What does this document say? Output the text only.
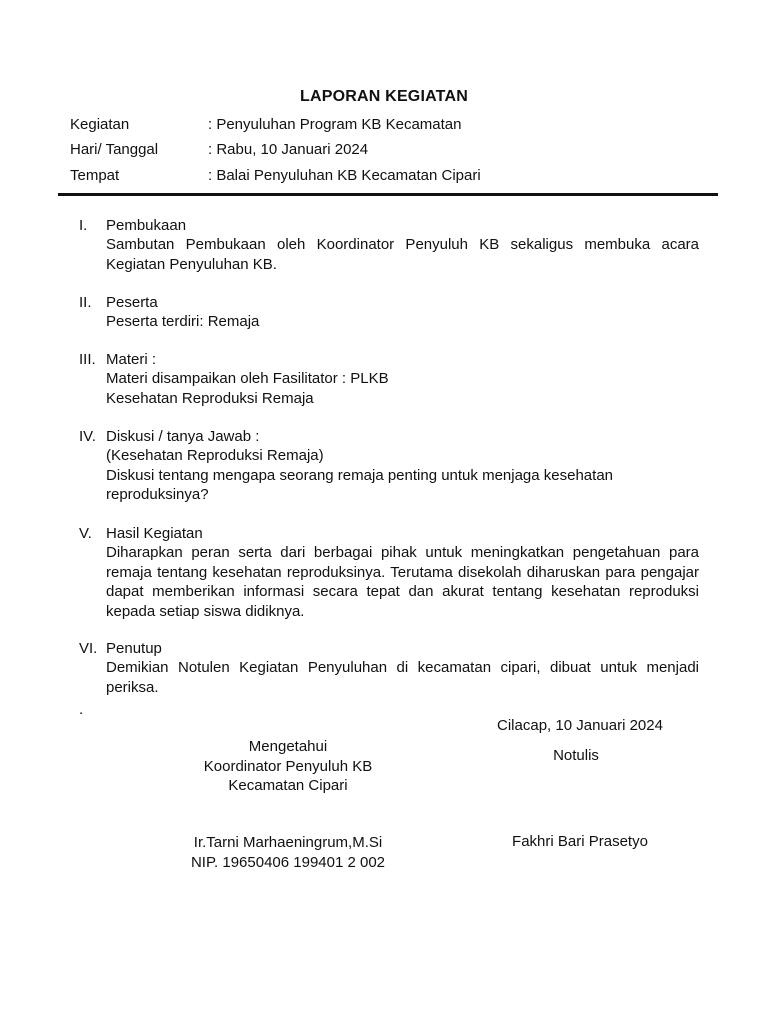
LAPORAN KEGIATAN
Kegiatan	: Penyuluhan Program KB Kecamatan
Hari/ Tanggal	: Rabu, 10 Januari 2024
Tempat	: Balai Penyuluhan KB Kecamatan Cipari
I. Pembukaan
Sambutan Pembukaan oleh Koordinator Penyuluh KB sekaligus membuka acara Kegiatan Penyuluhan KB.
II. Peserta
Peserta terdiri: Remaja
III. Materi :
Materi disampaikan oleh Fasilitator : PLKB
Kesehatan Reproduksi Remaja
IV. Diskusi / tanya Jawab :
(Kesehatan Reproduksi Remaja)
Diskusi tentang mengapa seorang remaja penting untuk menjaga kesehatan reproduksinya?
V. Hasil Kegiatan
Diharapkan peran serta dari berbagai pihak untuk meningkatkan pengetahuan para remaja tentang kesehatan reproduksinya. Terutama disekolah diharuskan para pengajar dapat memberikan informasi secara tepat dan akurat tentang kesehatan reproduksi kepada setiap siswa didiknya.
VI. Penutup
Demikian Notulen Kegiatan Penyuluhan di kecamatan cipari, dibuat untuk menjadi periksa.
.
Cilacap, 10 Januari 2024
Notulis
Fakhri Bari Prasetyo
Mengetahui
Koordinator Penyuluh KB
Kecamatan Cipari
Ir.Tarni Marhaeningrum,M.Si
NIP. 19650406 199401 2 002
